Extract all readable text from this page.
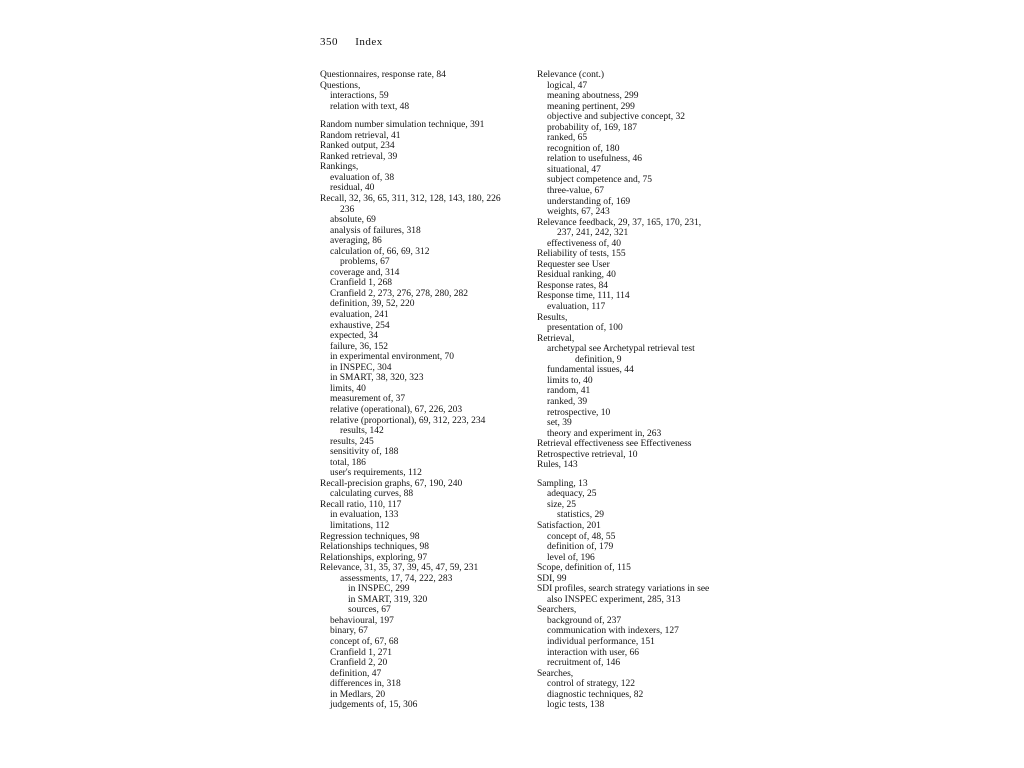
350 Index
Questionnaires, response rate, 84
Questions,
interactions, 59
relation with text, 48
Random number simulation technique, 391
Random retrieval, 41
Ranked output, 234
Ranked retrieval, 39
Rankings,
evaluation of, 38
residual, 40
Recall, 32, 36, 65, 311, 312, 128, 143, 180, 226
236
absolute, 69
analysis of failures, 318
averaging, 86
calculation of, 66, 69, 312
problems, 67
coverage and, 314
Cranfield 1, 268
Cranfield 2, 273, 276, 278, 280, 282
definition, 39, 52, 220
evaluation, 241
exhaustive, 254
expected, 34
failure, 36, 152
in experimental environment, 70
in INSPEC, 304
in SMART, 38, 320, 323
limits, 40
measurement of, 37
relative (operational), 67, 226, 203
relative (proportional), 69, 312, 223, 234
results, 142
results, 245
sensitivity of, 188
total, 186
user's requirements, 112
Recall-precision graphs, 67, 190, 240
calculating curves, 88
Recall ratio, 110, 117
in evaluation, 133
limitations, 112
Regression techniques, 98
Relationships techniques, 98
Relationships, exploring, 97
Relevance, 31, 35, 37, 39, 45, 47, 59, 231
assessments, 17, 74, 222, 283
in INSPEC, 299
in SMART, 319, 320
sources, 67
behavioural, 197
binary, 67
concept of, 67, 68
Cranfield 1, 271
Cranfield 2, 20
definition, 47
differences in, 318
in Medlars, 20
judgements of, 15, 306
Relevance (cont.)
logical, 47
meaning aboutness, 299
meaning pertinent, 299
objective and subjective concept, 32
probability of, 169, 187
ranked, 65
recognition of, 180
relation to usefulness, 46
situational, 47
subject competence and, 75
three-value, 67
understanding of, 169
weights, 67, 243
Relevance feedback, 29, 37, 165, 170, 231,
237, 241, 242, 321
effectiveness of, 40
Reliability of tests, 155
Requester see User
Residual ranking, 40
Response rates, 84
Response time, 111, 114
evaluation, 117
Results,
presentation of, 100
Retrieval,
archetypal see Archetypal retrieval test
definition, 9
fundamental issues, 44
limits to, 40
random, 41
ranked, 39
retrospective, 10
set, 39
theory and experiment in, 263
Retrieval effectiveness see Effectiveness
Retrospective retrieval, 10
Rules, 143
Sampling, 13
adequacy, 25
size, 25
statistics, 29
Satisfaction, 201
concept of, 48, 55
definition of, 179
level of, 196
Scope, definition of, 115
SDI, 99
SDI profiles, search strategy variations in see
also INSPEC experiment, 285, 313
Searchers,
background of, 237
communication with indexers, 127
individual performance, 151
interaction with user, 66
recruitment of, 146
Searches,
control of strategy, 122
diagnostic techniques, 82
logic tests, 138
